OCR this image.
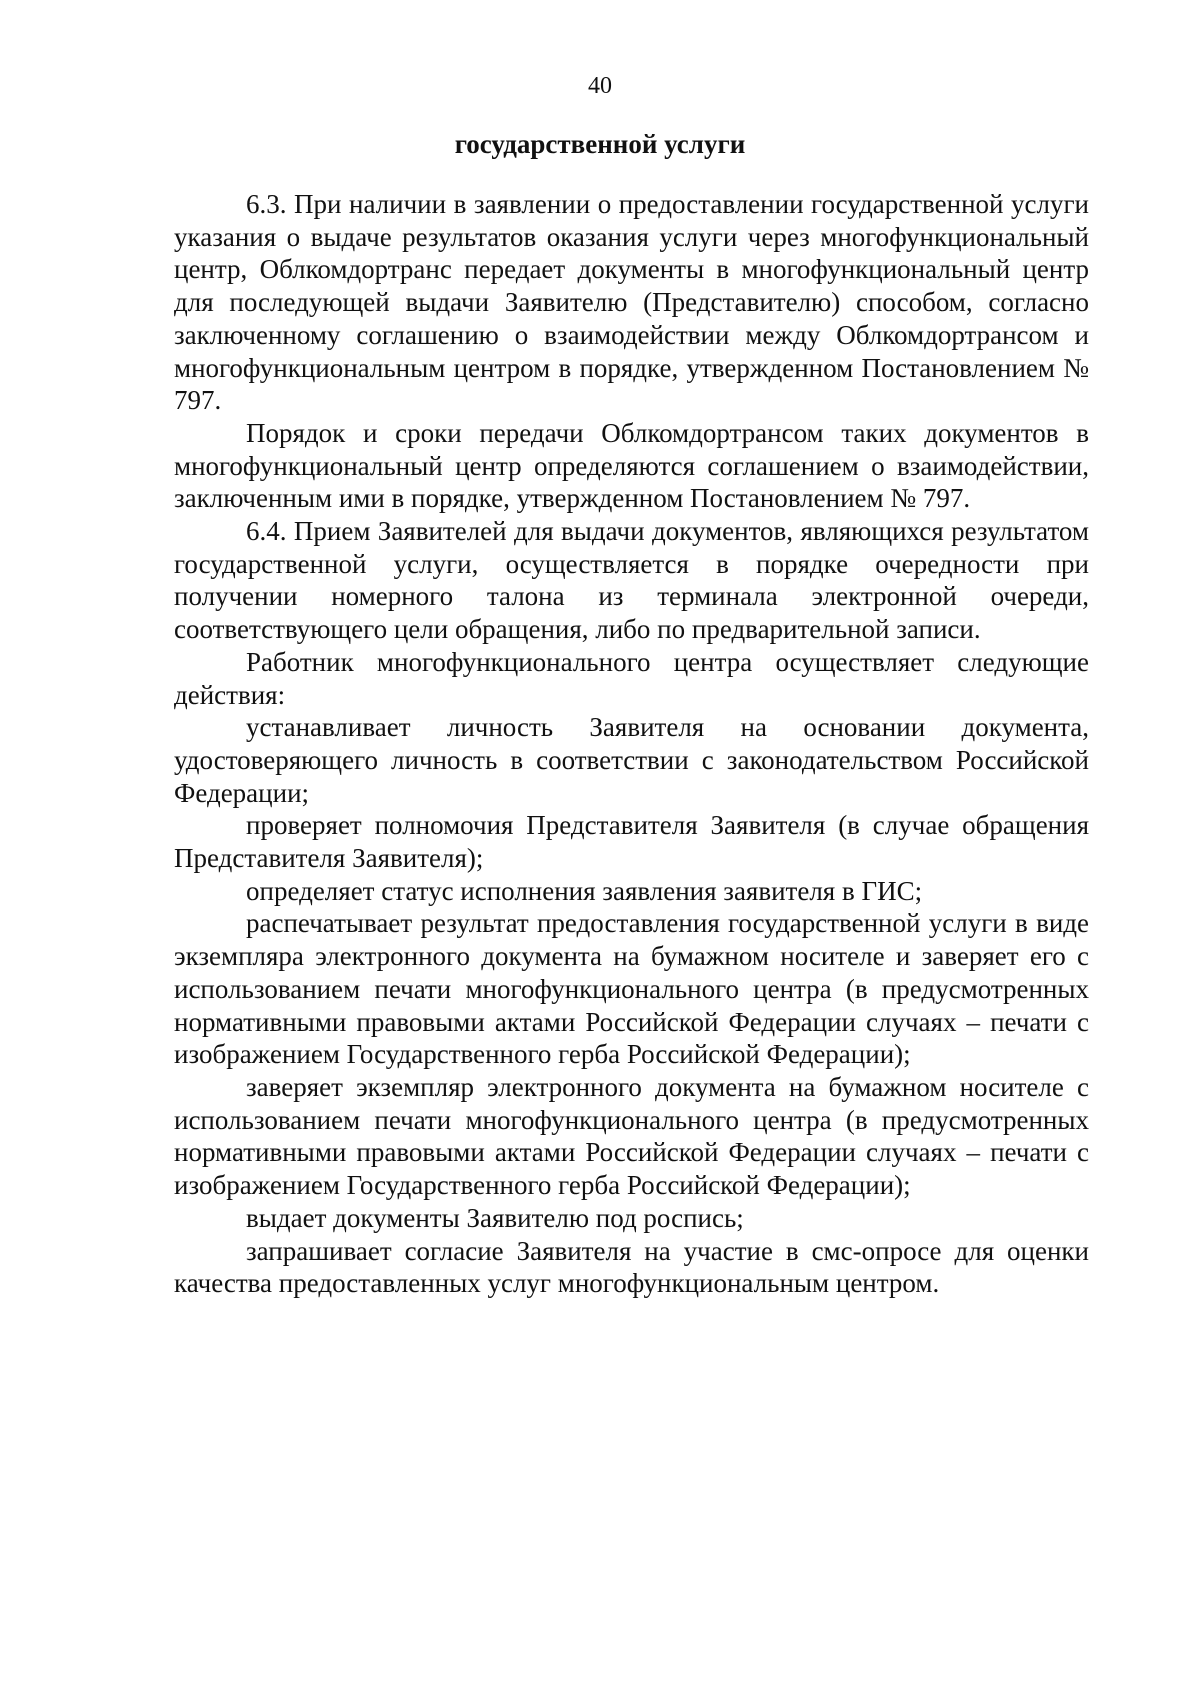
40
государственной услуги

6.3. При наличии в заявлении о предоставлении государственной услуги указания о выдаче результатов оказания услуги через многофункциональный центр, Облкомдортранс передает документы в многофункциональный центр для последующей выдачи Заявителю (Представителю) способом, согласно заключенному соглашению о взаимодействии между Облкомдортрансом и многофункциональным центром в порядке, утвержденном Постановлением № 797.

Порядок и сроки передачи Облкомдортрансом таких документов в многофункциональный центр определяются соглашением о взаимодействии, заключенным ими в порядке, утвержденном Постановлением № 797.

6.4. Прием Заявителей для выдачи документов, являющихся результатом государственной услуги, осуществляется в порядке очередности при получении номерного талона из терминала электронной очереди, соответствующего цели обращения, либо по предварительной записи.

Работник многофункционального центра осуществляет следующие действия:

устанавливает личность Заявителя на основании документа, удостоверяющего личность в соответствии с законодательством Российской Федерации;

проверяет полномочия Представителя Заявителя (в случае обращения Представителя Заявителя);

определяет статус исполнения заявления заявителя в ГИС;

распечатывает результат предоставления государственной услуги в виде экземпляра электронного документа на бумажном носителе и заверяет его с использованием печати многофункционального центра (в предусмотренных нормативными правовыми актами Российской Федерации случаях – печати с изображением Государственного герба Российской Федерации);

заверяет экземпляр электронного документа на бумажном носителе с использованием печати многофункционального центра (в предусмотренных нормативными правовыми актами Российской Федерации случаях – печати с изображением Государственного герба Российской Федерации);

выдает документы Заявителю под роспись;

запрашивает согласие Заявителя на участие в смс-опросе для оценки качества предоставленных услуг многофункциональным центром.
